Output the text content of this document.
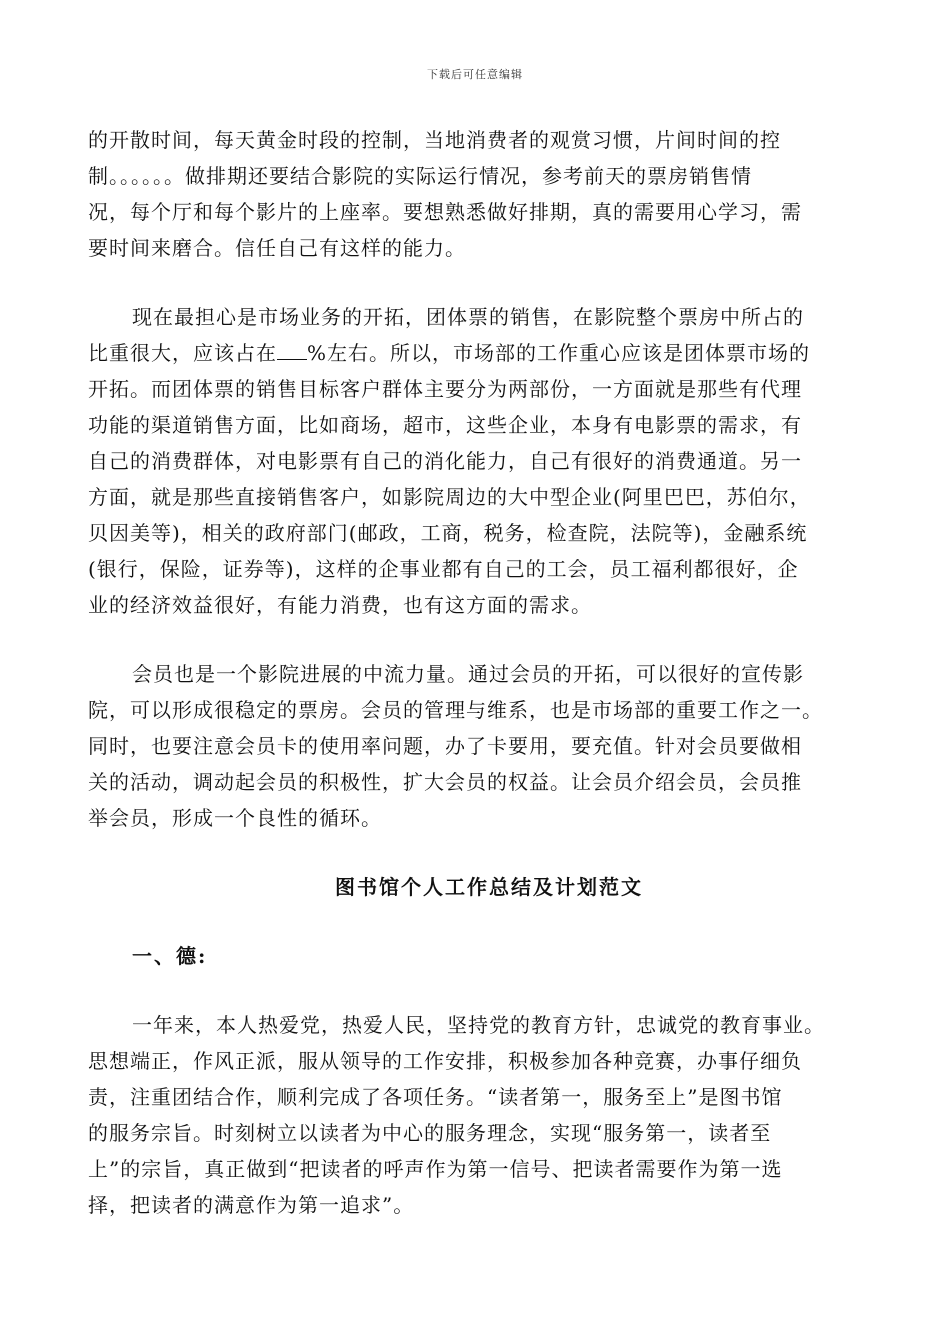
下载后可任意编辑
的开散时间，每天黄金时段的控制，当地消费者的观赏习惯，片间时间的控
制。。。。。。做排期还要结合影院的实际运行情况，参考前天的票房销售情
况，每个厅和每个影片的上座率。要想熟悉做好排期，真的需要用心学习，需
要时间来磨合。信任自己有这样的能力。
现在最担心是市场业务的开拓，团体票的销售，在影院整个票房中所占的
比重很大，应该占在 %左右。所以，市场部的工作重心应该是团体票市场的
开拓。而团体票的销售目标客户群体主要分为两部份，一方面就是那些有代理
功能的渠道销售方面，比如商场，超市，这些企业，本身有电影票的需求，有
自己的消费群体，对电影票有自己的消化能力，自己有很好的消费通道。另一
方面，就是那些直接销售客户，如影院周边的大中型企业(阿里巴巴，苏伯尔，
贝因美等)，相关的政府部门(邮政，工商，税务，检查院，法院等)，金融系统
(银行，保险，证券等)，这样的企事业都有自己的工会，员工福利都很好，企
业的经济效益很好，有能力消费，也有这方面的需求。
会员也是一个影院进展的中流力量。通过会员的开拓，可以很好的宣传影
院，可以形成很稳定的票房。会员的管理与维系，也是市场部的重要工作之一。
同时，也要注意会员卡的使用率问题，办了卡要用，要充值。针对会员要做相
关的活动，调动起会员的积极性，扩大会员的权益。让会员介绍会员，会员推
举会员，形成一个良性的循环。
图书馆个人工作总结及计划范文
一、德:
一年来，本人热爱党，热爱人民，坚持党的教育方针，忠诚党的教育事业。
思想端正，作风正派，服从领导的工作安排，积极参加各种竞赛，办事仔细负
责，注重团结合作，顺利完成了各项任务。“读者第一，服务至上”是图书馆
的服务宗旨。时刻树立以读者为中心的服务理念，实现“服务第一，读者至
上”的宗旨，真正做到“把读者的呼声作为第一信号、把读者需要作为第一选
择，把读者的满意作为第一追求”。
